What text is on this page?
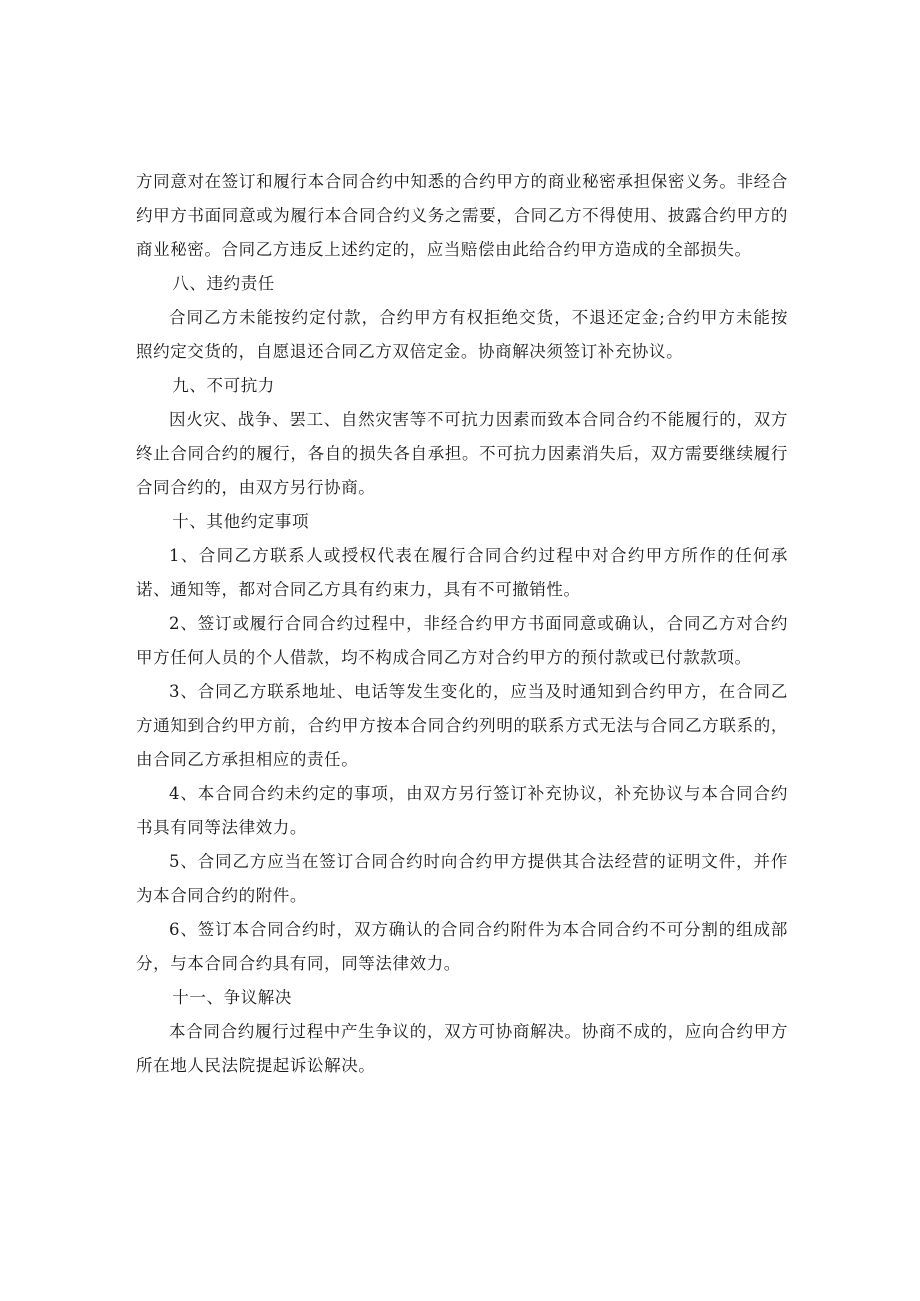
方同意对在签订和履行本合同合约中知悉的合约甲方的商业秘密承担保密义务。非经合约甲方书面同意或为履行本合同合约义务之需要，合同乙方不得使用、披露合约甲方的商业秘密。合同乙方违反上述约定的，应当赔偿由此给合约甲方造成的全部损失。

八、违约责任

合同乙方未能按约定付款，合约甲方有权拒绝交货，不退还定金;合约甲方未能按照约定交货的，自愿退还合同乙方双倍定金。协商解决须签订补充协议。

九、不可抗力

因火灾、战争、罢工、自然灾害等不可抗力因素而致本合同合约不能履行的，双方终止合同合约的履行，各自的损失各自承担。不可抗力因素消失后，双方需要继续履行合同合约的，由双方另行协商。

十、其他约定事项

1、合同乙方联系人或授权代表在履行合同合约过程中对合约甲方所作的任何承诺、通知等，都对合同乙方具有约束力，具有不可撤销性。

2、签订或履行合同合约过程中，非经合约甲方书面同意或确认，合同乙方对合约甲方任何人员的个人借款，均不构成合同乙方对合约甲方的预付款或已付款款项。

3、合同乙方联系地址、电话等发生变化的，应当及时通知到合约甲方，在合同乙方通知到合约甲方前，合约甲方按本合同合约列明的联系方式无法与合同乙方联系的，由合同乙方承担相应的责任。

4、本合同合约未约定的事项，由双方另行签订补充协议，补充协议与本合同合约书具有同等法律效力。

5、合同乙方应当在签订合同合约时向合约甲方提供其合法经营的证明文件，并作为本合同合约的附件。

6、签订本合同合约时，双方确认的合同合约附件为本合同合约不可分割的组成部分，与本合同合约具有同，同等法律效力。

十一、争议解决

本合同合约履行过程中产生争议的，双方可协商解决。协商不成的，应向合约甲方所在地人民法院提起诉讼解决。
